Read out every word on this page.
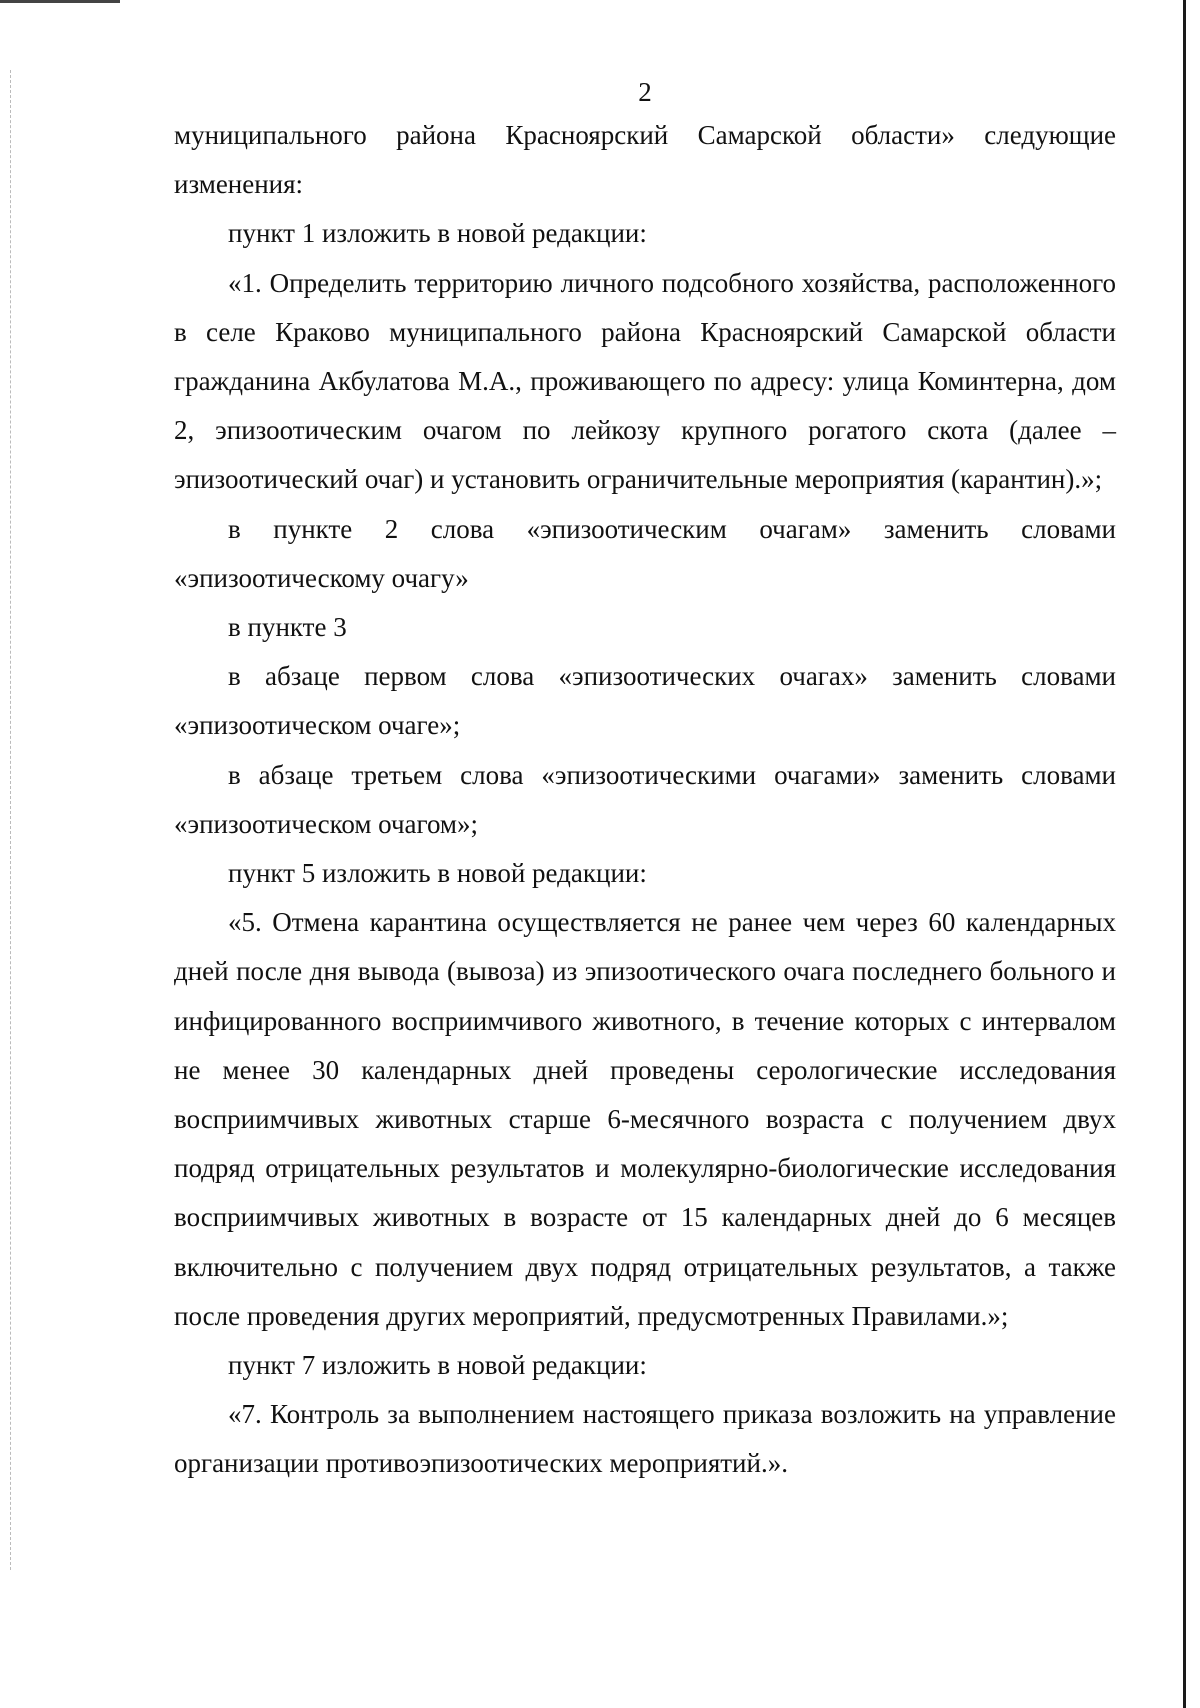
2

муниципального района Красноярский Самарской области» следующие изменения:

пункт 1 изложить в новой редакции:

«1. Определить территорию личного подсобного хозяйства, расположенного в селе Краково муниципального района Красноярский Самарской области гражданина Акбулатова М.А., проживающего по адресу: улица Коминтерна, дом 2, эпизоотическим очагом по лейкозу крупного рогатого скота (далее – эпизоотический очаг) и установить ограничительные мероприятия (карантин).»;

в пункте 2 слова «эпизоотическим очагам» заменить словами «эпизоотическому очагу»

в пункте 3

в абзаце первом слова «эпизоотических очагах» заменить словами «эпизоотическом очаге»;

в абзаце третьем слова «эпизоотическими очагами» заменить словами «эпизоотическом очагом»;

пункт 5 изложить в новой редакции:

«5. Отмена карантина осуществляется не ранее чем через 60 календарных дней после дня вывода (вывоза) из эпизоотического очага последнего больного и инфицированного восприимчивого животного, в течение которых с интервалом не менее 30 календарных дней проведены серологические исследования восприимчивых животных старше 6-месячного возраста с получением двух подряд отрицательных результатов и молекулярно-биологические исследования восприимчивых животных в возрасте от 15 календарных дней до 6 месяцев включительно с получением двух подряд отрицательных результатов, а также после проведения других мероприятий, предусмотренных Правилами.»;

пункт 7 изложить в новой редакции:

«7. Контроль за выполнением настоящего приказа возложить на управление организации противоэпизоотических мероприятий.».
